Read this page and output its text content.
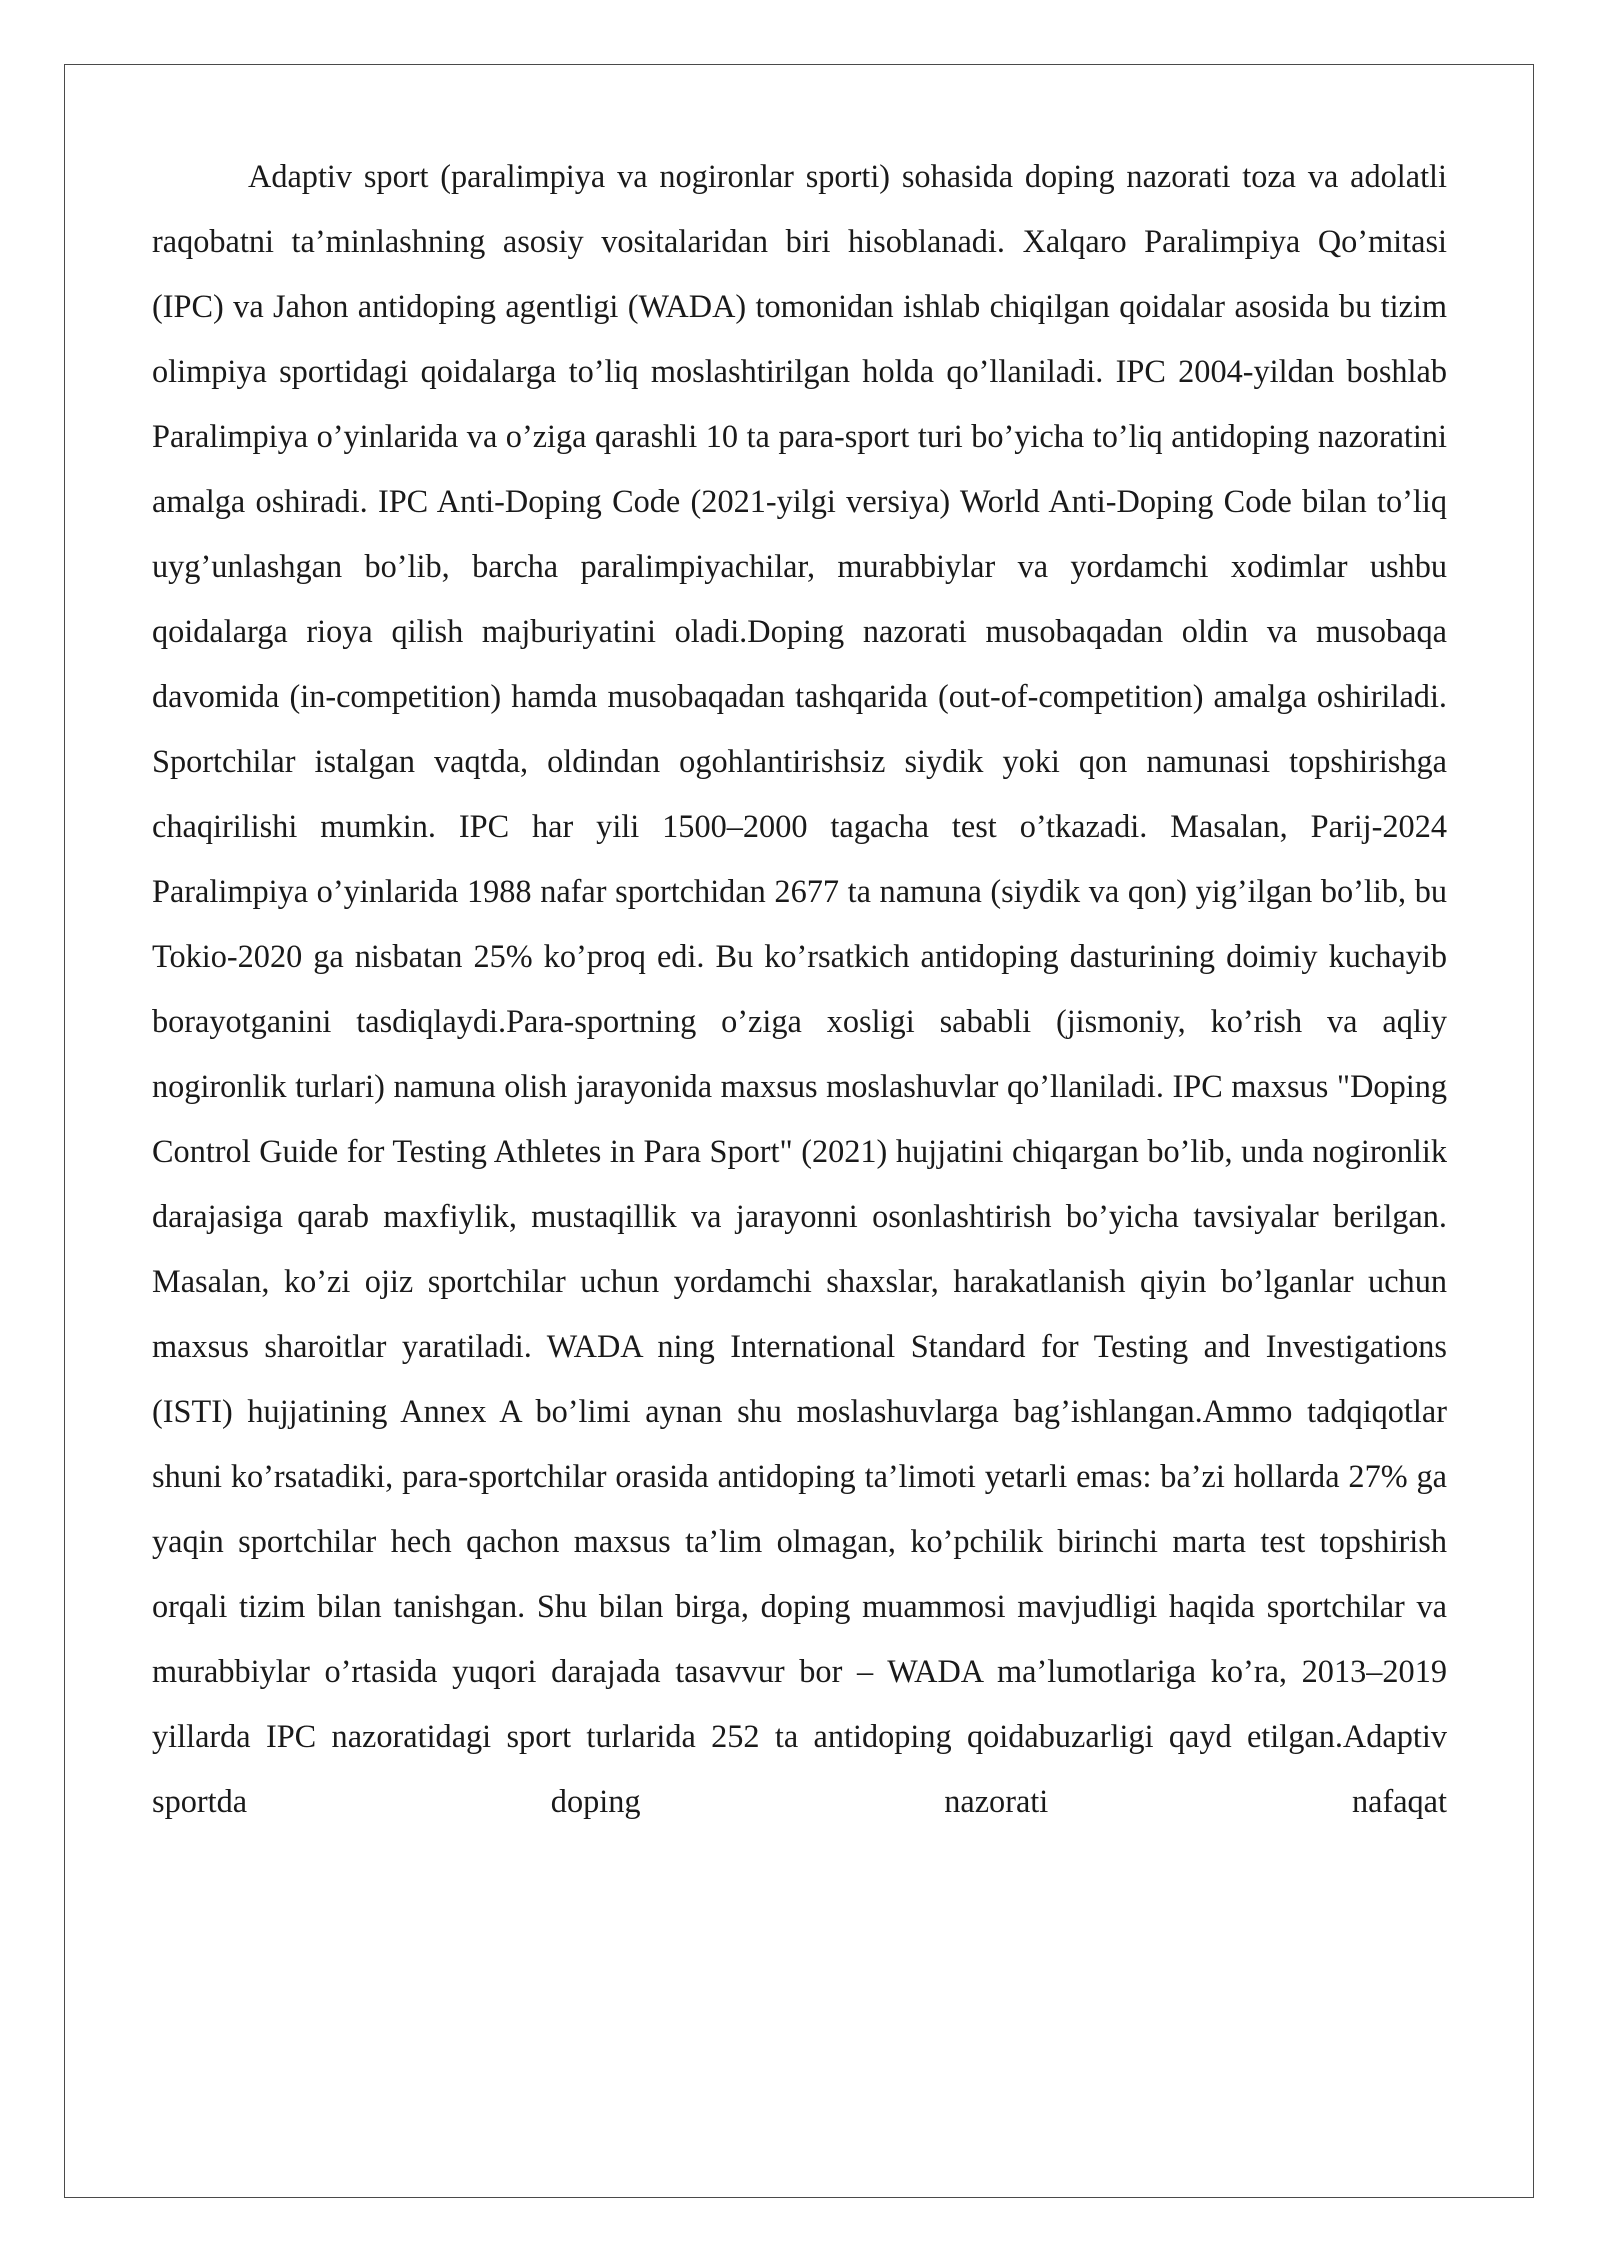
Adaptiv sport (paralimpiya va nogironlar sporti) sohasida doping nazorati toza va adolatli raqobatni ta’minlashning asosiy vositalaridan biri hisoblanadi. Xalqaro Paralimpiya Qo’mitasi (IPC) va Jahon antidoping agentligi (WADA) tomonidan ishlab chiqilgan qoidalar asosida bu tizim olimpiya sportidagi qoidalarga to’liq moslashtirilgan holda qo’llaniladi. IPC 2004-yildan boshlab Paralimpiya o’yinlarida va o’ziga qarashli 10 ta para-sport turi bo’yicha to’liq antidoping nazoratini amalga oshiradi. IPC Anti-Doping Code (2021-yilgi versiya) World Anti-Doping Code bilan to’liq uyg’unlashgan bo’lib, barcha paralimpiyachilar, murabbiylar va yordamchi xodimlar ushbu qoidalarga rioya qilish majburiyatini oladi.Doping nazorati musobaqadan oldin va musobaqa davomida (in-competition) hamda musobaqadan tashqarida (out-of-competition) amalga oshiriladi. Sportchilar istalgan vaqtda, oldindan ogohlantirishsiz siydik yoki qon namunasi topshirishga chaqirilishi mumkin. IPC har yili 1500–2000 tagacha test o’tkazadi. Masalan, Parij-2024 Paralimpiya o’yinlarida 1988 nafar sportchidan 2677 ta namuna (siydik va qon) yig’ilgan bo’lib, bu Tokio-2020 ga nisbatan 25% ko’proq edi. Bu ko’rsatkich antidoping dasturining doimiy kuchayib borayotganini tasdiqlaydi.Para-sportning o’ziga xosligi sababli (jismoniy, ko’rish va aqliy nogironlik turlari) namuna olish jarayonida maxsus moslashuvlar qo’llaniladi. IPC maxsus "Doping Control Guide for Testing Athletes in Para Sport" (2021) hujjatini chiqargan bo’lib, unda nogironlik darajasiga qarab maxfiylik, mustaqillik va jarayonni osonlashtirish bo’yicha tavsiyalar berilgan. Masalan, ko’zi ojiz sportchilar uchun yordamchi shaxslar, harakatlanish qiyin bo’lganlar uchun maxsus sharoitlar yaratiladi. WADA ning International Standard for Testing and Investigations (ISTI) hujjatining Annex A bo’limi aynan shu moslashuvlarga bag’ishlangan.Ammo tadqiqotlar shuni ko’rsatadiki, para-sportchilar orasida antidoping ta’limoti yetarli emas: ba’zi hollarda 27% ga yaqin sportchilar hech qachon maxsus ta’lim olmagan, ko’pchilik birinchi marta test topshirish orqali tizim bilan tanishgan. Shu bilan birga, doping muammosi mavjudligi haqida sportchilar va murabbiylar o’rtasida yuqori darajada tasavvur bor – WADA ma’lumotlariga ko’ra, 2013–2019 yillarda IPC nazoratidagi sport turlarida 252 ta antidoping qoidabuzarligi qayd etilgan.Adaptiv sportda doping nazorati nafaqat
